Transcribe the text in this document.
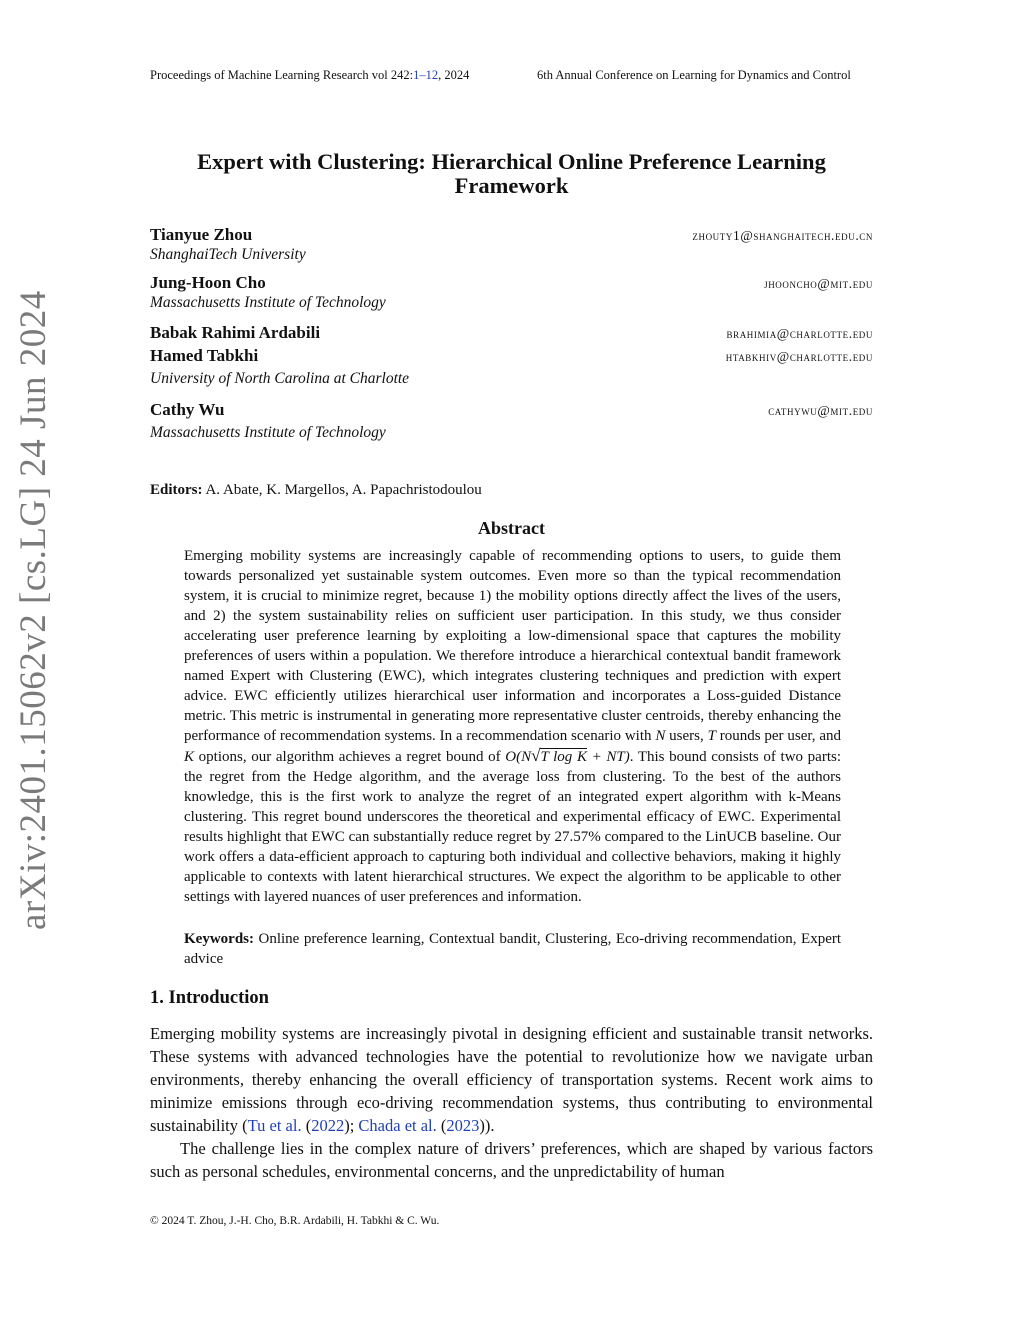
Proceedings of Machine Learning Research vol 242:1–12, 2024	6th Annual Conference on Learning for Dynamics and Control
arXiv:2401.15062v2 [cs.LG] 24 Jun 2024
Expert with Clustering: Hierarchical Online Preference Learning Framework
Tianyue Zhou	zhouty1@shanghaitech.edu.cn
ShanghaiTech University
Jung-Hoon Cho	jhooncho@mit.edu
Massachusetts Institute of Technology
Babak Rahimi Ardabili	brahimia@charlotte.edu
Hamed Tabkhi	htabkhiv@charlotte.edu
University of North Carolina at Charlotte
Cathy Wu	cathywu@mit.edu
Massachusetts Institute of Technology
Editors: A. Abate, K. Margellos, A. Papachristodoulou
Abstract

Emerging mobility systems are increasingly capable of recommending options to users, to guide them towards personalized yet sustainable system outcomes. Even more so than the typical recommendation system, it is crucial to minimize regret, because 1) the mobility options directly affect the lives of the users, and 2) the system sustainability relies on sufficient user participation. In this study, we thus consider accelerating user preference learning by exploiting a low-dimensional space that captures the mobility preferences of users within a population. We therefore introduce a hierarchical contextual bandit framework named Expert with Clustering (EWC), which integrates clustering techniques and prediction with expert advice. EWC efficiently utilizes hierarchical user information and incorporates a Loss-guided Distance metric. This metric is instrumental in generating more representative cluster centroids, thereby enhancing the performance of recommendation systems. In a recommendation scenario with N users, T rounds per user, and K options, our algorithm achieves a regret bound of O(N√T log K + NT). This bound consists of two parts: the regret from the Hedge algorithm, and the average loss from clustering. To the best of the authors knowledge, this is the first work to analyze the regret of an integrated expert algorithm with k-Means clustering. This regret bound underscores the theoretical and experimental efficacy of EWC. Experimental results highlight that EWC can substantially reduce regret by 27.57% compared to the LinUCB baseline. Our work offers a data-efficient approach to capturing both individual and collective behaviors, making it highly applicable to contexts with latent hierarchical structures. We expect the algorithm to be applicable to other settings with layered nuances of user preferences and information.

Keywords: Online preference learning, Contextual bandit, Clustering, Eco-driving recommendation, Expert advice
1. Introduction

Emerging mobility systems are increasingly pivotal in designing efficient and sustainable transit networks. These systems with advanced technologies have the potential to revolutionize how we navigate urban environments, thereby enhancing the overall efficiency of transportation systems. Recent work aims to minimize emissions through eco-driving recommendation systems, thus contributing to environmental sustainability (Tu et al. (2022); Chada et al. (2023)).

The challenge lies in the complex nature of drivers’ preferences, which are shaped by various factors such as personal schedules, environmental concerns, and the unpredictability of human

© 2024 T. Zhou, J.-H. Cho, B.R. Ardabili, H. Tabkhi & C. Wu.
